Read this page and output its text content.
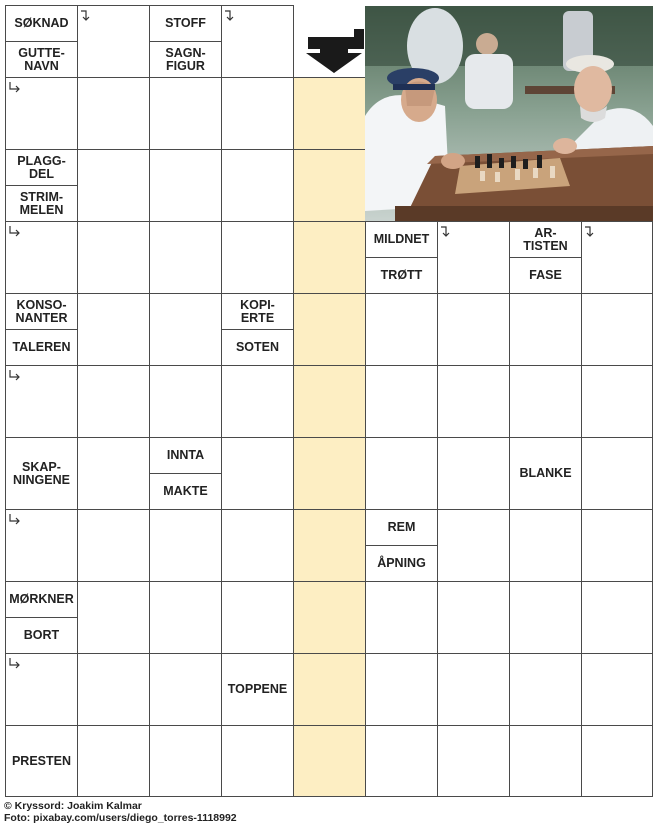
SØKNAD
GUTTE-
NAVN
STOFF
SAGN-
FIGUR
PLAGG-
DEL
STRIM-
MELEN
MILDNET
TRØTT
AR-
TISTEN
FASE
KONSO-
NANTER
TALEREN
KOPI-
ERTE
SOTEN
SKAP-
NINGENE
INNTA
MAKTE
BLANKE
REM
ÅPNING
MØRKNER
BORT
TOPPENE
PRESTEN
© Kryssord: Joakim Kalmar
Foto: pixabay.com/users/diego_torres-1118992
